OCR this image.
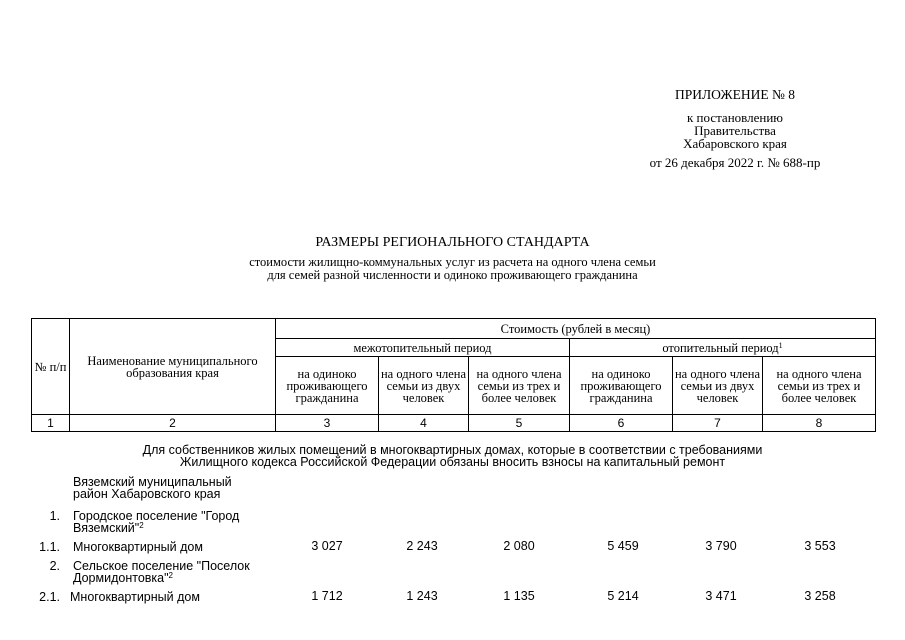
ПРИЛОЖЕНИЕ № 8
к постановлению
Правительства
Хабаровского края
от 26 декабря 2022 г. № 688-пр
РАЗМЕРЫ РЕГИОНАЛЬНОГО СТАНДАРТА
стоимости жилищно-коммунальных услуг из расчета на одного члена семьи
для семей разной численности и одиноко проживающего гражданина
№ п/п	Наименование муниципального образования края	Стоимость (рублей в месяц)					
		межотопительный период			отопительный период$^1$
		на одиноко проживающего гражданина	на одного члена семьи из двух человек	на одного члена семьи из трех и более человек	на одиноко проживающего гражданина	на одного члена семьи из двух человек	на одного члена семьи из трех и более человек
1	2	3	4	5	6	7	8
Для собственников жилых помещений в многоквартирных домах, которые в соответствии с требованиями
Жилищного кодекса Российской Федерации обязаны вносить взносы на капитальный ремонт
Вяземский муниципальный
район Хабаровского края
1. Городское поселение "Город
Вяземский"$^2$
1.1. Многоквартирный дом	3 027	2 243	2 080	5 459	3 790	3 553
2. Сельское поселение "Поселок
Дормидонтовка"$^2$
2.1. Многоквартирный дом	1 712	1 243	1 135	5 214	3 471	3 258
